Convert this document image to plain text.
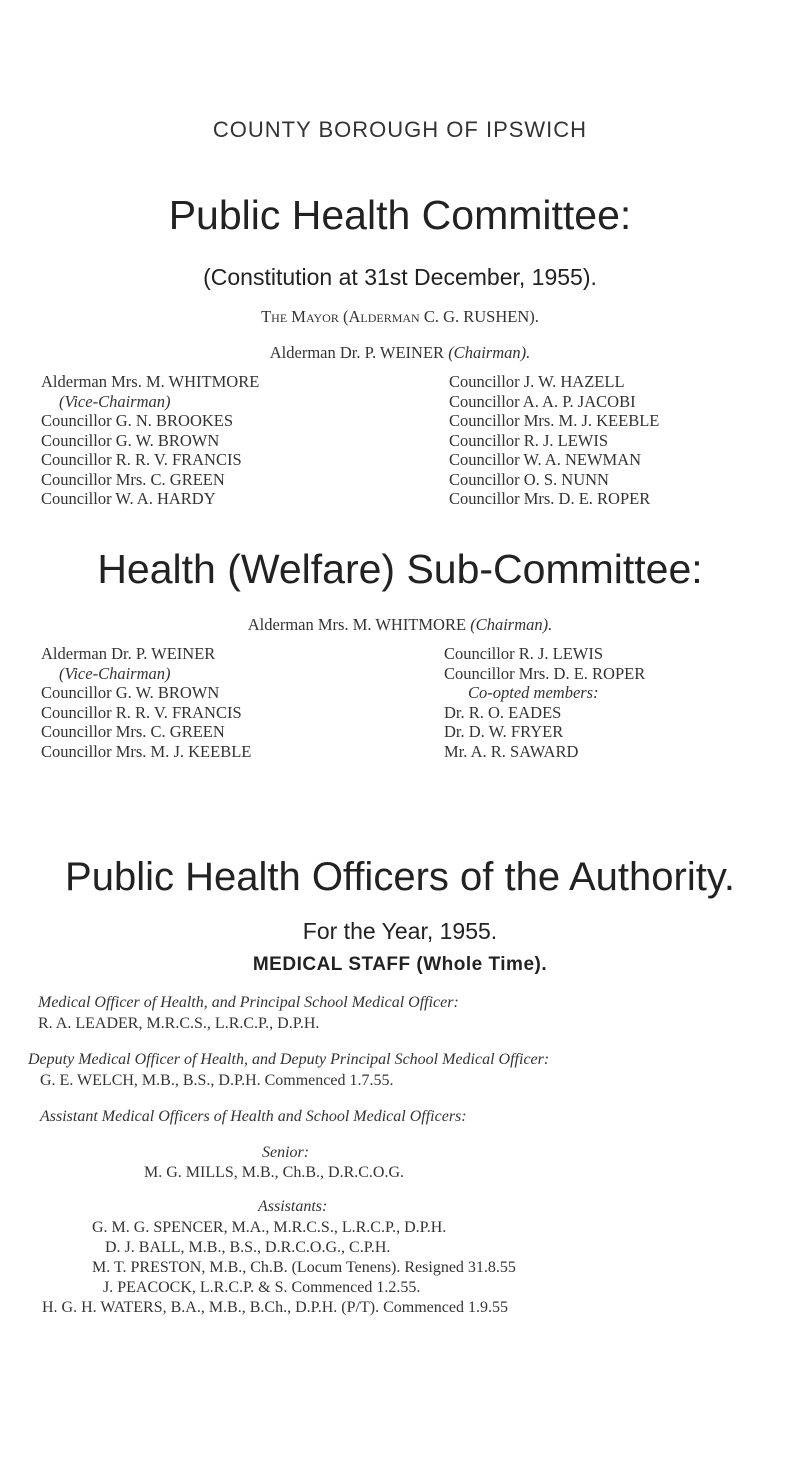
COUNTY BOROUGH OF IPSWICH
Public Health Committee:
(Constitution at 31st December, 1955).
The Mayor (Alderman C. G. RUSHEN).
Alderman Dr. P. WEINER (Chairman).
Alderman Mrs. M. WHITMORE
(Vice-Chairman)
Councillor G. N. BROOKES
Councillor G. W. BROWN
Councillor R. R. V. FRANCIS
Councillor Mrs. C. GREEN
Councillor W. A. HARDY
Councillor J. W. HAZELL
Councillor A. A. P. JACOBI
Councillor Mrs. M. J. KEEBLE
Councillor R. J. LEWIS
Councillor W. A. NEWMAN
Councillor O. S. NUNN
Councillor Mrs. D. E. ROPER
Health (Welfare) Sub-Committee:
Alderman Mrs. M. WHITMORE (Chairman).
Alderman Dr. P. WEINER
(Vice-Chairman)
Councillor G. W. BROWN
Councillor R. R. V. FRANCIS
Councillor Mrs. C. GREEN
Councillor Mrs. M. J. KEEBLE
Councillor R. J. LEWIS
Councillor Mrs. D. E. ROPER
Co-opted members:
Dr. R. O. EADES
Dr. D. W. FRYER
Mr. A. R. SAWARD
Public Health Officers of the Authority.
For the Year, 1955.
MEDICAL STAFF (Whole Time).
Medical Officer of Health, and Principal School Medical Officer:
R. A. LEADER, M.R.C.S., L.R.C.P., D.P.H.
Deputy Medical Officer of Health, and Deputy Principal School Medical Officer:
G. E. WELCH, M.B., B.S., D.P.H. Commenced 1.7.55.
Assistant Medical Officers of Health and School Medical Officers:
Senior:
M. G. MILLS, M.B., Ch.B., D.R.C.O.G.
Assistants:
G. M. G. SPENCER, M.A., M.R.C.S., L.R.C.P., D.P.H.
D. J. BALL, M.B., B.S., D.R.C.O.G., C.P.H.
M. T. PRESTON, M.B., Ch.B. (Locum Tenens). Resigned 31.8.55
J. PEACOCK, L.R.C.P. & S. Commenced 1.2.55.
H. G. H. WATERS, B.A., M.B., B.Ch., D.P.H. (P/T). Commenced 1.9.55
